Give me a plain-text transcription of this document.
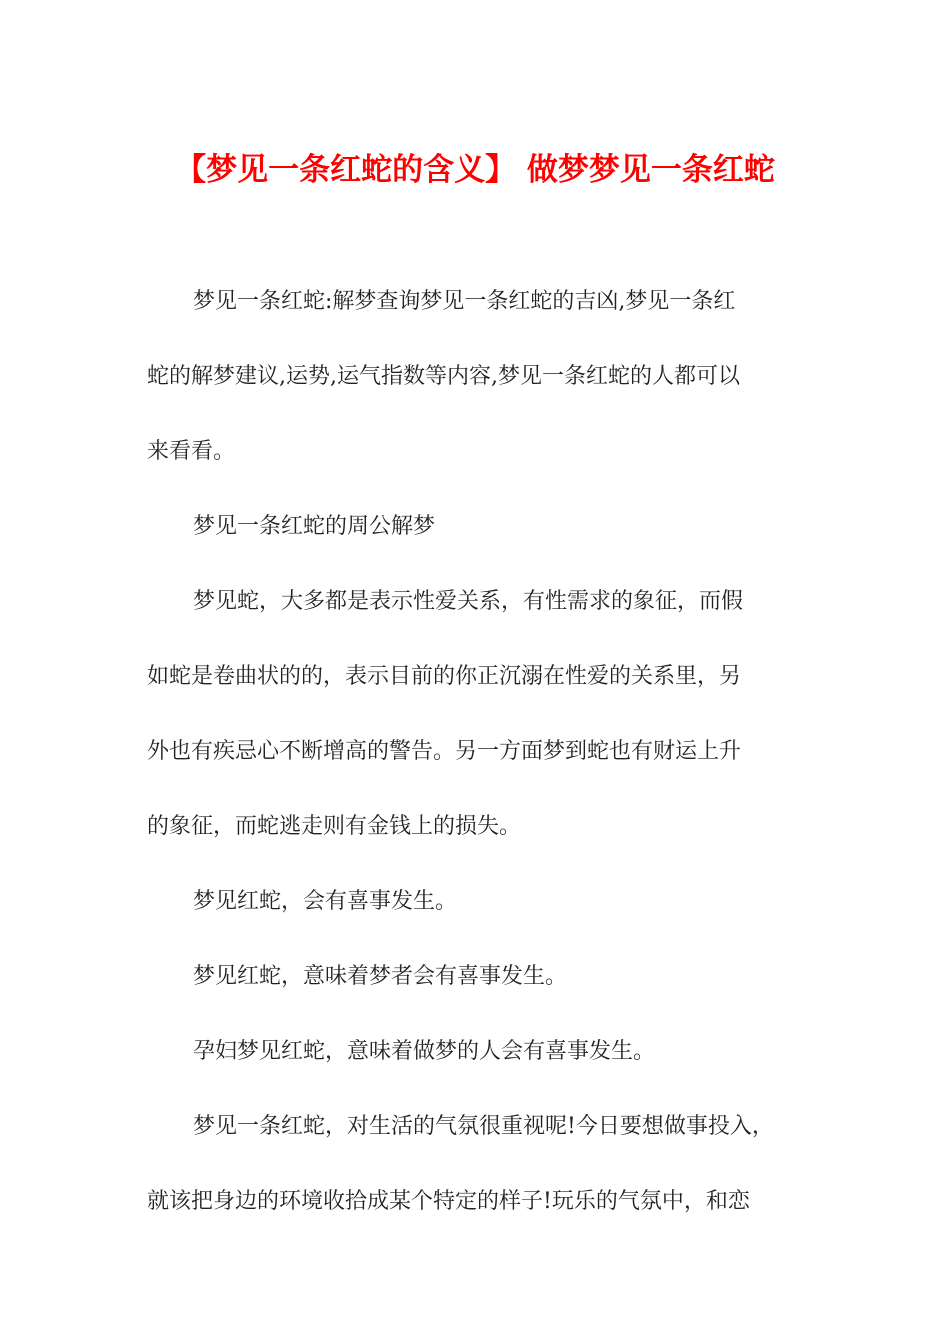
【梦见一条红蛇的含义】 做梦梦见一条红蛇

梦见一条红蛇:解梦查询梦见一条红蛇的吉凶,梦见一条红

蛇的解梦建议,运势,运气指数等内容,梦见一条红蛇的人都可以

来看看。

梦见一条红蛇的周公解梦

梦见蛇，大多都是表示性爱关系，有性需求的象征，而假

如蛇是卷曲状的的，表示目前的你正沉溺在性爱的关系里，另

外也有疾忌心不断增高的警告。另一方面梦到蛇也有财运上升

的象征，而蛇逃走则有金钱上的损失。

梦见红蛇，会有喜事发生。

梦见红蛇，意味着梦者会有喜事发生。

孕妇梦见红蛇，意味着做梦的人会有喜事发生。

梦见一条红蛇，对生活的气氛很重视呢!今日要想做事投入，

就该把身边的环境收拾成某个特定的样子!玩乐的气氛中，和恋
